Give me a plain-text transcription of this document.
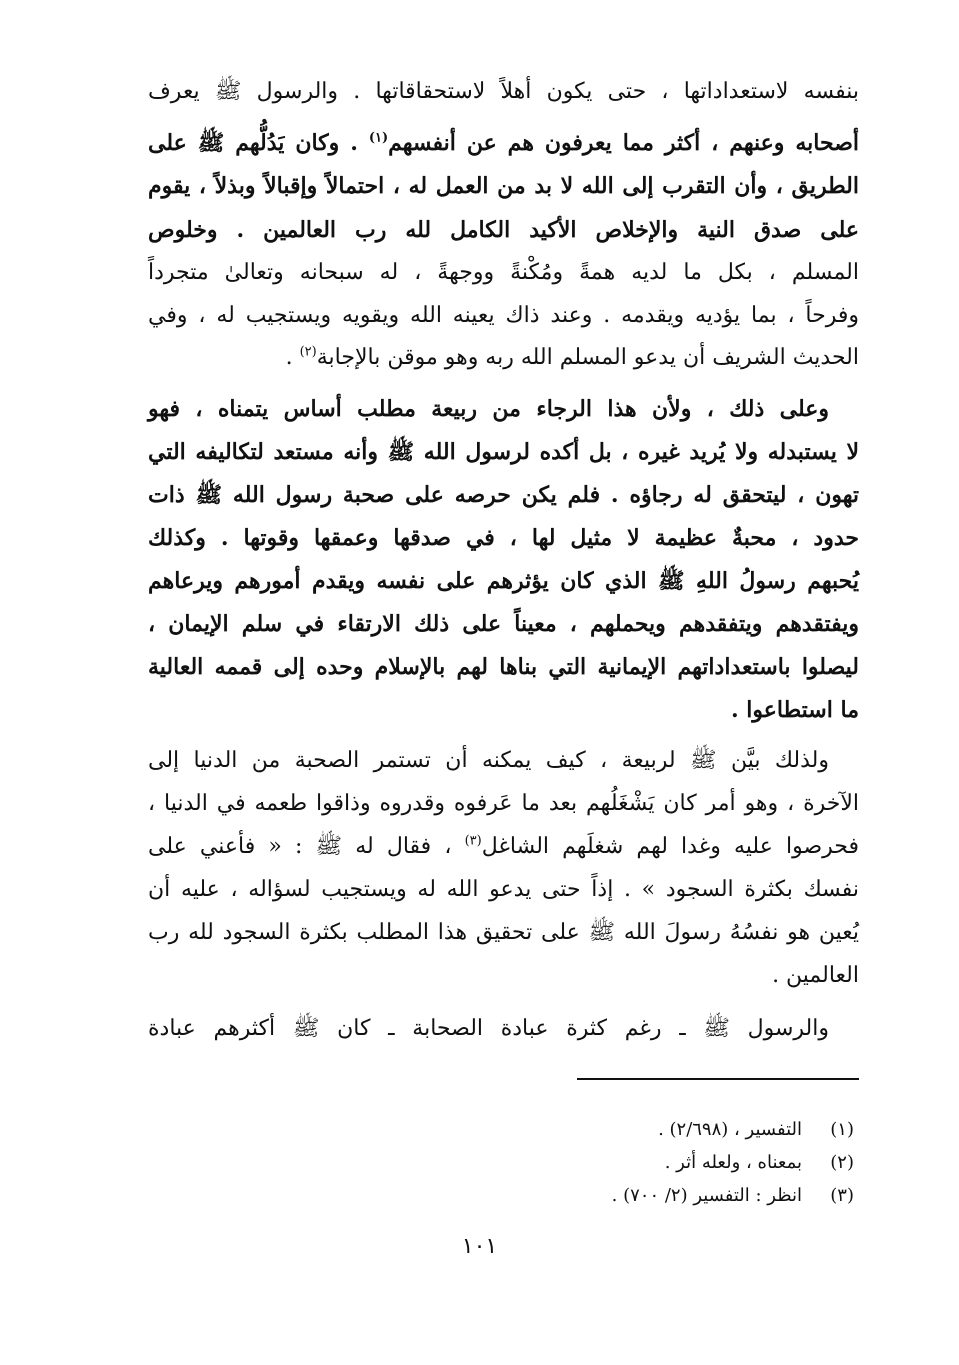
بنفسه لاستعداداتها ، حتى يكون أهلاً لاستحقاقاتها . والرسول ﷺ يعرف
أصحابه وعنهم ، أكثر مما يعرفون هم عن أنفسهم$^{(١)}$ . وكان يَدُلُّهم ﷺ على
الطريق ، وأن التقرب إلى الله لا بد من العمل له ، احتمالاً وإقبالاً وبذلاً ، يقوم
على صدق النية والإخلاص الأكيد الكامل لله رب العالمين . وخلوص
المسلم ، بكل ما لديه همةً ومُكْنةً ووجهةً ، له سبحانه وتعالىٰ متجرداً
وفرحاً ، بما يؤديه ويقدمه . وعند ذاك يعينه الله ويقويه ويستجيب له ، وفي
الحديث الشريف أن يدعو المسلم الله ربه وهو موقن بالإجابة$^{(٢)}$ .
وعلى ذلك ، ولأن هذا الرجاء من ربيعة مطلب أساس يتمناه ، فهو
لا يستبدله ولا يُريد غيره ، بل أكده لرسول الله ﷺ وأنه مستعد لتكاليفه التي
تهون ، ليتحقق له رجاؤه . فلم يكن حرصه على صحبة رسول الله ﷺ ذات
حدود ، محبةٌ عظيمة لا مثيل لها ، في صدقها وعمقها وقوتها . وكذلك
يُحبهم رسولُ اللهِ ﷺ الذي كان يؤثرهم على نفسه ويقدم أمورهم ويرعاهم
ويفتقدهم ويتفقدهم ويحملهم ، معيناً على ذلك الارتقاء في سلم الإيمان ،
ليصلوا باستعداداتهم الإيمانية التي بناها لهم بالإسلام وحده إلى قممه العالية
ما استطاعوا .
ولذلك بيَّن ﷺ لربيعة ، كيف يمكنه أن تستمر الصحبة من الدنيا إلى
الآخرة ، وهو أمر كان يَشْغَلُهم بعد ما عَرفوه وقدروه وذاقوا طعمه في الدنيا ،
فحرصوا عليه وغدا لهم شغلَهم الشاغل$^{(٣)}$ ، فقال له ﷺ : « فأعني على
نفسك بكثرة السجود » . إذاً حتى يدعو الله له ويستجيب لسؤاله ، عليه أن
يُعين هو نفسُهُ رسولَ الله ﷺ على تحقيق هذا المطلب بكثرة السجود لله رب
العالمين .
والرسول ﷺ ـ رغم كثرة عبادة الصحابة ـ كان ﷺ أكثرهم عبادة
(١)التفسير ، (٢/٦٩٨) .
(٢)بمعناه ، ولعله أثر .
(٣)انظر : التفسير (٢/ ٧٠٠) .
١٠١
